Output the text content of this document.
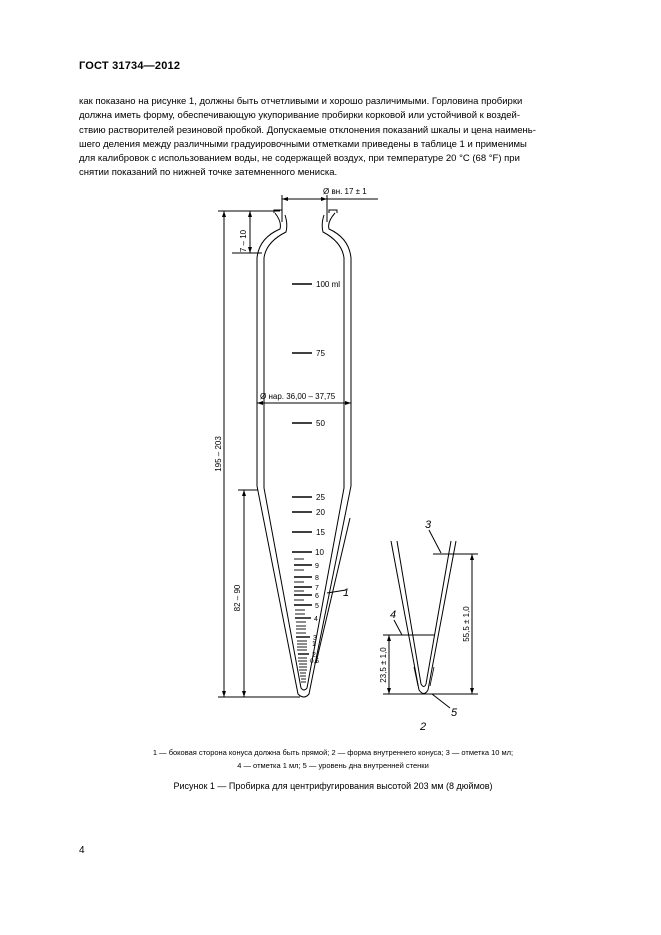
ГОСТ 31734—2012
как показано на рисунке 1, должны быть отчетливыми и хорошо различимыми. Горловина пробирки
должна иметь форму, обеспечивающую укупоривание пробирки корковой или устойчивой к воздей-
ствию растворителей резиновой пробкой. Допускаемые отклонения показаний шкалы и цена наимень-
шего деления между различными градуировочными отметками приведены в таблице 1 и применимы
для калибровок с использованием воды, не содержащей воздух, при температуре 20 °С (68 °F) при
снятии показаний по нижней точке затемненного мениска.
Ø вн. 17 ± 1
Ø нар. 36,00 – 37,75
195 – 203
7 – 10
82 – 90
100 ml
75
50
25
20
15
10
9
8
7
6
5
4
3
2
1
0,5
1
55,5 ± 1,0
23,5 ± 1,0
3
4
5
2
1 — боковая сторона конуса должна быть прямой; 2 — форма внутреннего конуса; 3 — отметка 10 мл;
4 — отметка 1 мл; 5 — уровень дна внутренней стенки
Рисунок 1 — Пробирка для центрифугирования высотой 203 мм (8 дюймов)
4
